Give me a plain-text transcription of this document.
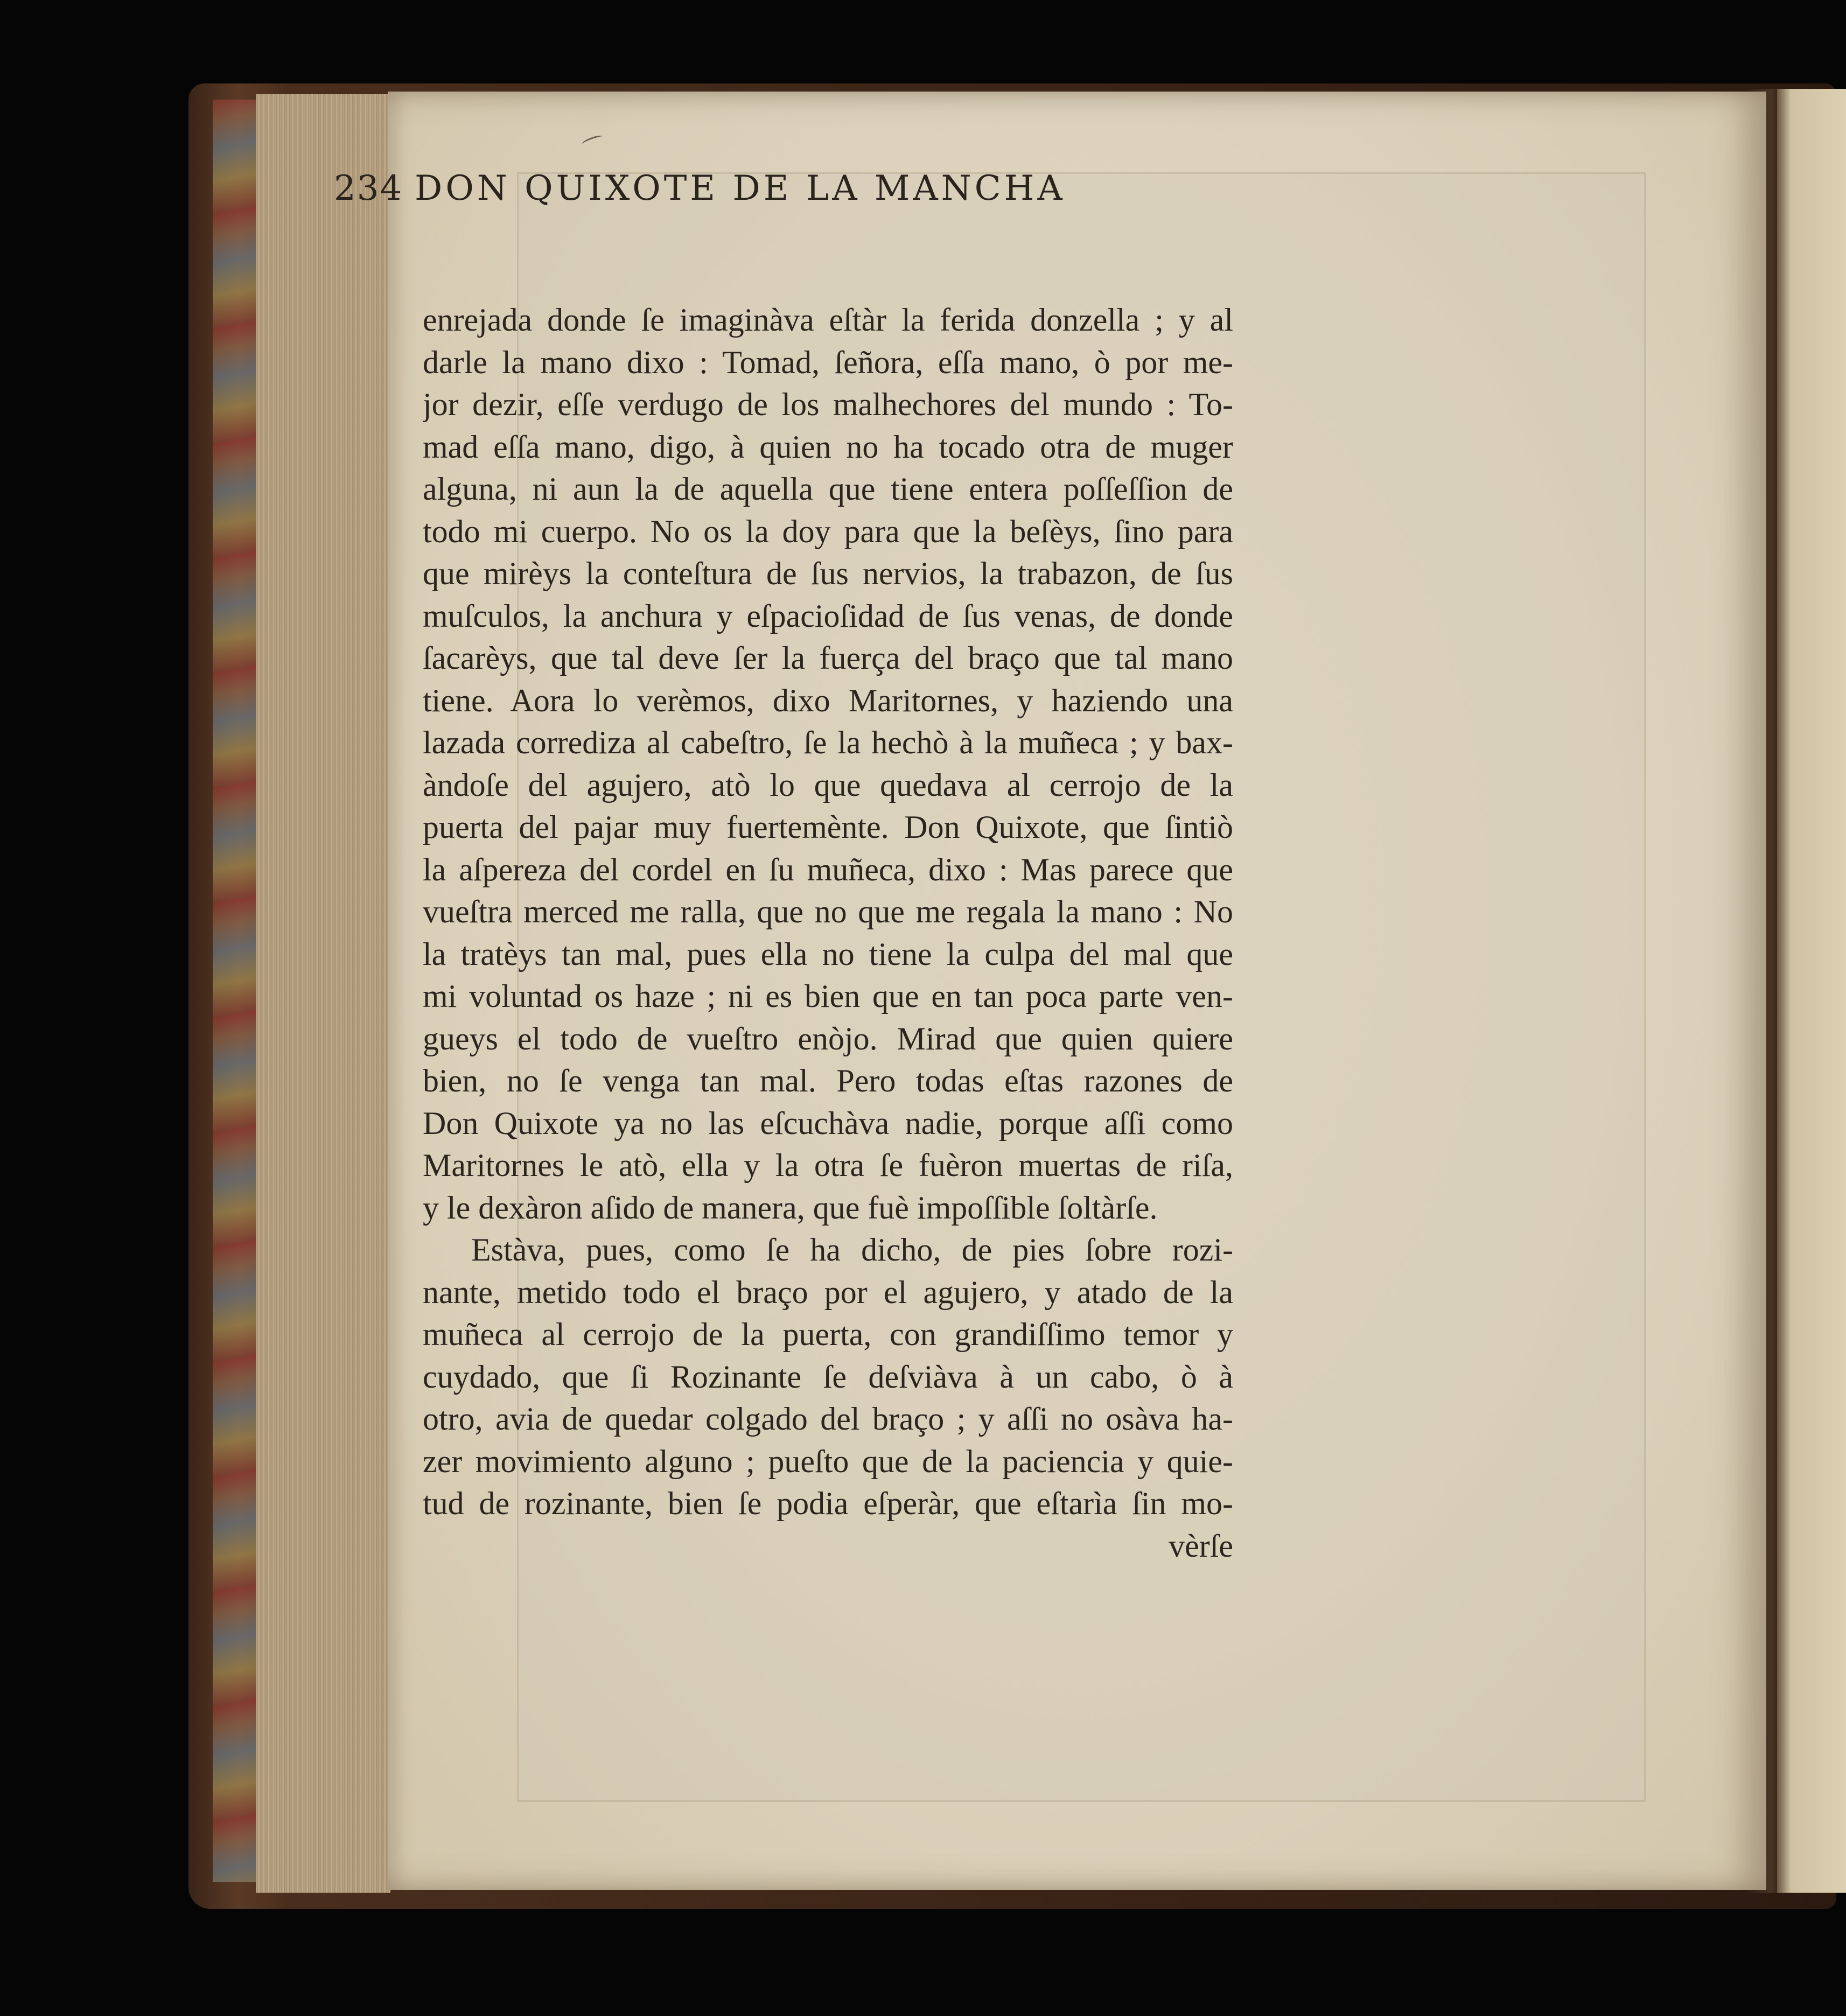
234 DON QUIXOTE DE LA MANCHA
enrejada donde ſe imaginàva eſtàr la ferida donzella ; y al
darle la mano dixo : Tomad, ſeñora, eſſa mano, ò por me-
jor dezir, eſſe verdugo de los malhechores del mundo : To-
mad eſſa mano, digo, à quien no ha tocado otra de muger
alguna, ni aun la de aquella que tiene entera poſſeſſion de
todo mi cuerpo. No os la doy para que la beſèys, ſino para
que mirèys la conteſtura de ſus nervios, la trabazon, de ſus
muſculos, la anchura y eſpacioſidad de ſus venas, de donde
ſacarèys, que tal deve ſer la fuerça del braço que tal mano
tiene. Aora lo verèmos, dixo Maritornes, y haziendo una
lazada corrediza al cabeſtro, ſe la hechò à la muñeca ; y bax-
àndoſe del agujero, atò lo que quedava al cerrojo de la
puerta del pajar muy fuertemènte. Don Quixote, que ſintiò
la aſpereza del cordel en ſu muñeca, dixo : Mas parece que
vueſtra merced me ralla, que no que me regala la mano : No
la tratèys tan mal, pues ella no tiene la culpa del mal que
mi voluntad os haze ; ni es bien que en tan poca parte ven-
gueys el todo de vueſtro enòjo. Mirad que quien quiere
bien, no ſe venga tan mal. Pero todas eſtas razones de
Don Quixote ya no las eſcuchàva nadie, porque aſſi como
Maritornes le atò, ella y la otra ſe fuèron muertas de riſa,
y le dexàron aſido de manera, que fuè impoſſible ſoltàrſe.
Estàva, pues, como ſe ha dicho, de pies ſobre rozi-
nante, metido todo el braço por el agujero, y atado de la
muñeca al cerrojo de la puerta, con grandiſſimo temor y
cuydado, que ſi Rozinante ſe deſviàva à un cabo, ò à
otro, avia de quedar colgado del braço ; y aſſi no osàva ha-
zer movimiento alguno ; pueſto que de la paciencia y quie-
tud de rozinante, bien ſe podia eſperàr, que eſtarìa ſin mo-
vèrſe
